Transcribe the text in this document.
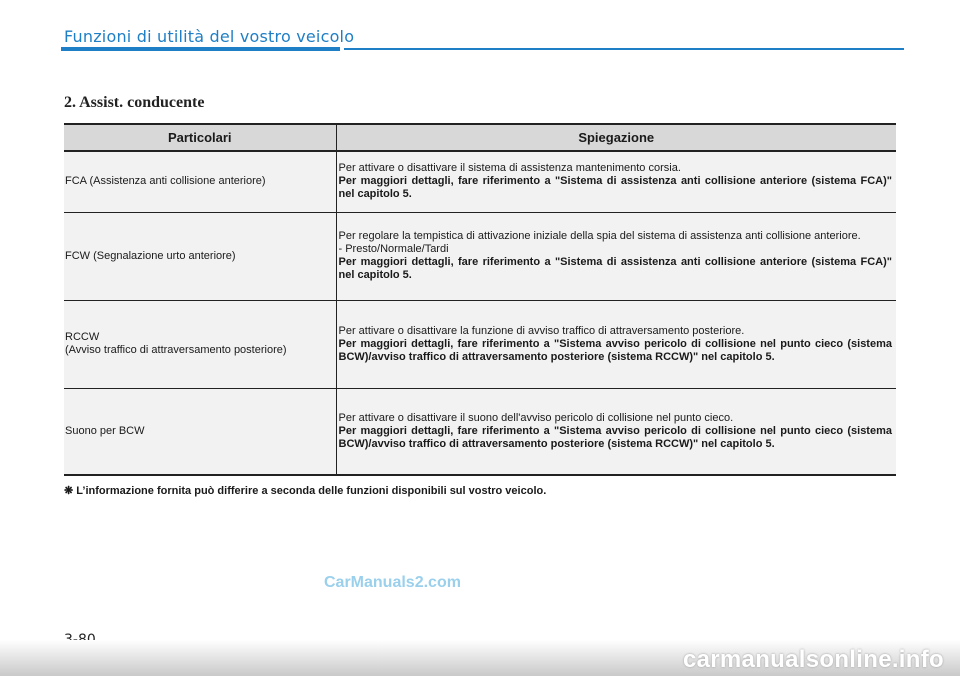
Funzioni di utilità del vostro veicolo
2. Assist. conducente
Particolari	Spiegazione

FCA (Assistenza anti collisione anteriore)	Per attivare o disattivare il sistema di assistenza mantenimento corsia.
Per maggiori dettagli, fare riferimento a "Sistema di assistenza anti collisione anteriore (sistema FCA)" nel capitolo 5.

FCW (Segnalazione urto anteriore)	Per regolare la tempistica di attivazione iniziale della spia del sistema di assistenza anti collisione anteriore.
- Presto/Normale/Tardi
Per maggiori dettagli, fare riferimento a "Sistema di assistenza anti collisione anteriore (sistema FCA)" nel capitolo 5.

RCCW
(Avviso traffico di attraversamento posteriore)	Per attivare o disattivare la funzione di avviso traffico di attraversamento posteriore.
Per maggiori dettagli, fare riferimento a "Sistema avviso pericolo di collisione nel punto cieco (sistema BCW)/avviso traffico di attraversamento posteriore (sistema RCCW)" nel capitolo 5.

Suono per BCW	Per attivare o disattivare il suono dell'avviso pericolo di collisione nel punto cieco.
Per maggiori dettagli, fare riferimento a "Sistema avviso pericolo di collisione nel punto cieco (sistema BCW)/avviso traffico di attraversamento posteriore (sistema RCCW)" nel capitolo 5.
❋ L’informazione fornita può differire a seconda delle funzioni disponibili sul vostro veicolo.
CarManuals2.com
carmanualsonline.info
